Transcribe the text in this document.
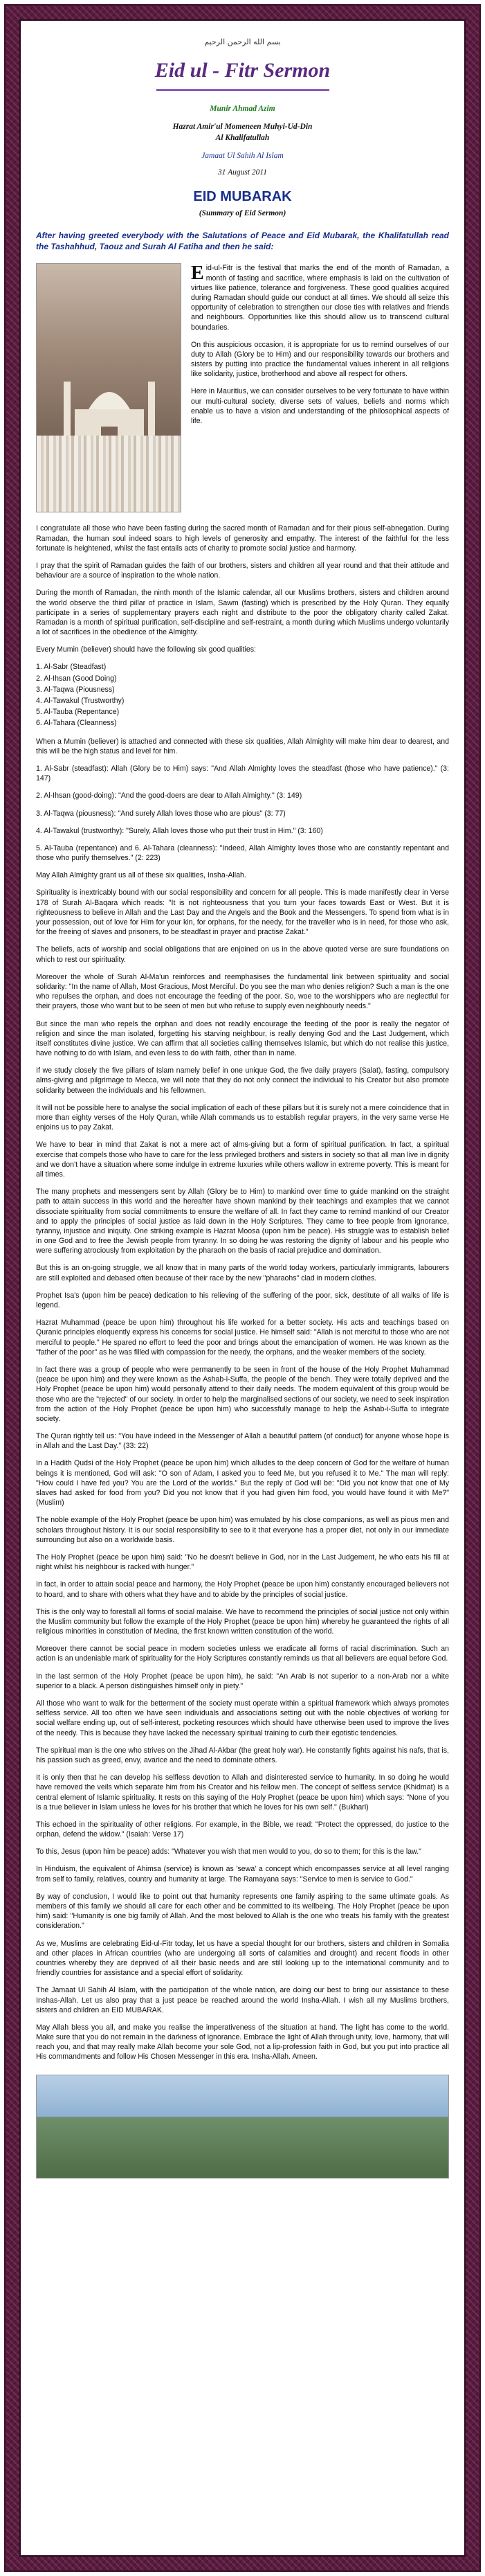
بسم الله الرحمن الرحيم
Eid ul - Fitr Sermon
Munir Ahmad Azim
Hazrat Amir'ul Momeneen Muhyi-Ud-Din
Al Khalifatullah
Jamaat Ul Sahih Al Islam
31 August 2011
EID MUBARAK
(Summary of Eid Sermon)
After having greeted everybody with the Salutations of Peace and Eid Mubarak, the Khalifatullah read the Tashahhud, Taouz and Surah Al Fatiha and then he said:

Eid-ul-Fitr is the festival that marks the end of the month of Ramadan, a month of fasting and sacrifice, where emphasis is laid on the cultivation of virtues like patience, tolerance and forgiveness. These good qualities acquired during Ramadan should guide our conduct at all times. We should all seize this opportunity of celebration to strengthen our close ties with relatives and friends and neighbours. Opportunities like this should allow us to transcend cultural boundaries.

On this auspicious occasion, it is appropriate for us to remind ourselves of our duty to Allah (Glory be to Him) and our responsibility towards our brothers and sisters by putting into practice the fundamental values inherent in all religions like solidarity, justice, brotherhood and above all respect for others.

Here in Mauritius, we can consider ourselves to be very fortunate to have within our multi-cultural society, diverse sets of values, beliefs and norms which enable us to have a vision and understanding of the philosophical aspects of life.

I congratulate all those who have been fasting during the sacred month of Ramadan and for their pious self-abnegation. During Ramadan, the human soul indeed soars to high levels of generosity and empathy. The interest of the faithful for the less fortunate is heightened, whilst the fast entails acts of charity to promote social justice and harmony.

I pray that the spirit of Ramadan guides the faith of our brothers, sisters and children all year round and that their attitude and behaviour are a source of inspiration to the whole nation.

During the month of Ramadan, the ninth month of the Islamic calendar, all our Muslims brothers, sisters and children around the world observe the third pillar of practice in Islam, Sawm (fasting) which is prescribed by the Holy Quran. They equally participate in a series of supplementary prayers each night and distribute to the poor the obligatory charity called Zakat. Ramadan is a month of spiritual purification, self-discipline and self-restraint, a month during which Muslims undergo voluntarily a lot of sacrifices in the obedience of the Almighty.

Every Mumin (believer) should have the following six good qualities:

1. Al-Sabr (Steadfast)

2. Al-Ihsan (Good Doing)

3. Al-Taqwa (Piousness)

4. Al-Tawakul (Trustworthy)

5. Al-Tauba (Repentance)

6. Al-Tahara (Cleanness)

When a Mumin (believer) is attached and connected with these six qualities, Allah Almighty will make him dear to dearest, and this will be the high status and level for him.

1. Al-Sabr (steadfast): Allah (Glory be to Him) says: "And Allah Almighty loves the steadfast (those who have patience)." (3: 147)

2. Al-Ihsan (good-doing): "And the good-doers are dear to Allah Almighty." (3: 149)

3. Al-Taqwa (piousness): "And surely Allah loves those who are pious" (3: 77)

4. Al-Tawakul (trustworthy): "Surely, Allah loves those who put their trust in Him." (3: 160)

5. Al-Tauba (repentance) and 6. Al-Tahara (cleanness): "Indeed, Allah Almighty loves those who are constantly repentant and those who purify themselves." (2: 223)

May Allah Almighty grant us all of these six qualities, Insha-Allah.

Spirituality is inextricably bound with our social responsibility and concern for all people. This is made manifestly clear in Verse 178 of Surah Al-Baqara which reads: "It is not righteousness that you turn your faces towards East or West. But it is righteousness to believe in Allah and the Last Day and the Angels and the Book and the Messengers. To spend from what is in your possession, out of love for Him for your kin, for orphans, for the needy, for the traveller who is in need, for those who ask, for the freeing of slaves and prisoners, to be steadfast in prayer and practise Zakat."

The beliefs, acts of worship and social obligations that are enjoined on us in the above quoted verse are sure foundations on which to rest our spirituality.

Moreover the whole of Surah Al-Ma'un reinforces and reemphasises the fundamental link between spirituality and social solidarity: "In the name of Allah, Most Gracious, Most Merciful. Do you see the man who denies religion? Such a man is the one who repulses the orphan, and does not encourage the feeding of the poor. So, woe to the worshippers who are neglectful for their prayers, those who want but to be seen of men but who refuse to supply even neighbourly needs."

But since the man who repels the orphan and does not readily encourage the feeding of the poor is really the negator of religion and since the man isolated, forgetting his starving neighbour, is really denying God and the Last Judgement, which itself constitutes divine justice. We can affirm that all societies calling themselves Islamic, but which do not realise this justice, have nothing to do with Islam, and even less to do with faith, other than in name.

If we study closely the five pillars of Islam namely belief in one unique God, the five daily prayers (Salat), fasting, compulsory alms-giving and pilgrimage to Mecca, we will note that they do not only connect the individual to his Creator but also promote solidarity between the individuals and his fellowmen.

It will not be possible here to analyse the social implication of each of these pillars but it is surely not a mere coincidence that in more than eighty verses of the Holy Quran, while Allah commands us to establish regular prayers, in the very same verse He enjoins us to pay Zakat.

We have to bear in mind that Zakat is not a mere act of alms-giving but a form of spiritual purification. In fact, a spiritual exercise that compels those who have to care for the less privileged brothers and sisters in society so that all man live in dignity and we don't have a situation where some indulge in extreme luxuries while others wallow in extreme poverty. This is meant for all times.

The many prophets and messengers sent by Allah (Glory be to Him) to mankind over time to guide mankind on the straight path to attain success in this world and the hereafter have shown mankind by their teachings and examples that we cannot dissociate spirituality from social commitments to ensure the welfare of all. In fact they came to remind mankind of our Creator and to apply the principles of social justice as laid down in the Holy Scriptures. They came to free people from ignorance, tyranny, injustice and iniquity. One striking example is Hazrat Moosa (upon him be peace). His struggle was to establish belief in one God and to free the Jewish people from tyranny. In so doing he was restoring the dignity of labour and his people who were suffering atrociously from exploitation by the pharaoh on the basis of racial prejudice and domination.

But this is an on-going struggle, we all know that in many parts of the world today workers, particularly immigrants, labourers are still exploited and debased often because of their race by the new "pharaohs" clad in modern clothes.

Prophet Isa's (upon him be peace) dedication to his relieving of the suffering of the poor, sick, destitute of all walks of life is legend.

Hazrat Muhammad (peace be upon him) throughout his life worked for a better society. His acts and teachings based on Quranic principles eloquently express his concerns for social justice. He himself said: "Allah is not merciful to those who are not merciful to people." He spared no effort to feed the poor and brings about the emancipation of women. He was known as the "father of the poor" as he was filled with compassion for the needy, the orphans, and the weaker members of the society.

In fact there was a group of people who were permanently to be seen in front of the house of the Holy Prophet Muhammad (peace be upon him) and they were known as the Ashab-i-Suffa, the people of the bench. They were totally deprived and the Holy Prophet (peace be upon him) would personally attend to their daily needs. The modern equivalent of this group would be those who are the "rejected" of our society. In order to help the marginalised sections of our society, we need to seek inspiration from the action of the Holy Prophet (peace be upon him) who successfully manage to help the Ashab-i-Suffa to integrate society.

The Quran rightly tell us: "You have indeed in the Messenger of Allah a beautiful pattern (of conduct) for anyone whose hope is in Allah and the Last Day." (33: 22)

In a Hadith Qudsi of the Holy Prophet (peace be upon him) which alludes to the deep concern of God for the welfare of human beings it is mentioned, God will ask: "O son of Adam, I asked you to feed Me, but you refused it to Me." The man will reply: "How could I have fed you? You are the Lord of the worlds." But the reply of God will be: "Did you not know that one of My slaves had asked for food from you? Did you not know that if you had given him food, you would have found it with Me?" (Muslim)

The noble example of the Holy Prophet (peace be upon him) was emulated by his close companions, as well as pious men and scholars throughout history. It is our social responsibility to see to it that everyone has a proper diet, not only in our immediate surrounding but also on a worldwide basis.

The Holy Prophet (peace be upon him) said: "No he doesn't believe in God, nor in the Last Judgement, he who eats his fill at night whilst his neighbour is racked with hunger."

In fact, in order to attain social peace and harmony, the Holy Prophet (peace be upon him) constantly encouraged believers not to hoard, and to share with others what they have and to abide by the principles of social justice.

This is the only way to forestall all forms of social malaise. We have to recommend the principles of social justice not only within the Muslim community but follow the example of the Holy Prophet (peace be upon him) whereby he guaranteed the rights of all religious minorities in constitution of Medina, the first known written constitution of the world.

Moreover there cannot be social peace in modern societies unless we eradicate all forms of racial discrimination. Such an action is an undeniable mark of spirituality for the Holy Scriptures constantly reminds us that all believers are equal before God.

In the last sermon of the Holy Prophet (peace be upon him), he said: "An Arab is not superior to a non-Arab nor a white superior to a black. A person distinguishes himself only in piety."

All those who want to walk for the betterment of the society must operate within a spiritual framework which always promotes selfless service. All too often we have seen individuals and associations setting out with the noble objectives of working for social welfare ending up, out of self-interest, pocketing resources which should have otherwise been used to improve the lives of the needy. This is because they have lacked the necessary spiritual training to curb their egotistic tendencies.

The spiritual man is the one who strives on the Jihad Al-Akbar (the great holy war). He constantly fights against his nafs, that is, his passion such as greed, envy, avarice and the need to dominate others.

It is only then that he can develop his selfless devotion to Allah and disinterested service to humanity. In so doing he would have removed the veils which separate him from his Creator and his fellow men. The concept of selfless service (Khidmat) is a central element of Islamic spirituality. It rests on this saying of the Holy Prophet (peace be upon him) which says: "None of you is a true believer in Islam unless he loves for his brother that which he loves for his own self." (Bukhari)

This echoed in the spirituality of other religions. For example, in the Bible, we read: "Protect the oppressed, do justice to the orphan, defend the widow." (Isaiah: Verse 17)

To this, Jesus (upon him be peace) adds: "Whatever you wish that men would to you, do so to them; for this is the law."

In Hinduism, the equivalent of Ahimsa (service) is known as 'sewa' a concept which encompasses service at all level ranging from self to family, relatives, country and humanity at large. The Ramayana says: "Service to men is service to God."

By way of conclusion, I would like to point out that humanity represents one family aspiring to the same ultimate goals. As members of this family we should all care for each other and be committed to its wellbeing. The Holy Prophet (peace be upon him) said: "Humanity is one big family of Allah. And the most beloved to Allah is the one who treats his family with the greatest consideration."

As we, Muslims are celebrating Eid-ul-Fitr today, let us have a special thought for our brothers, sisters and children in Somalia and other places in African countries (who are undergoing all sorts of calamities and drought) and recent floods in other countries whereby they are deprived of all their basic needs and are still looking up to the international community and to friendly countries for assistance and a special effort of solidarity.

The Jamaat Ul Sahih Al Islam, with the participation of the whole nation, are doing our best to bring our assistance to these Inshas-Allah. Let us also pray that a just peace be reached around the world Insha-Allah. I wish all my Muslims brothers, sisters and children an EID MUBARAK.

May Allah bless you all, and make you realise the imperativeness of the situation at hand. The light has come to the world. Make sure that you do not remain in the darkness of ignorance. Embrace the light of Allah through unity, love, harmony, that will reach you, and that may really make Allah become your sole God, not a lip-profession faith in God, but you put into practice all His commandments and follow His Chosen Messenger in this era. Insha-Allah. Ameen.
